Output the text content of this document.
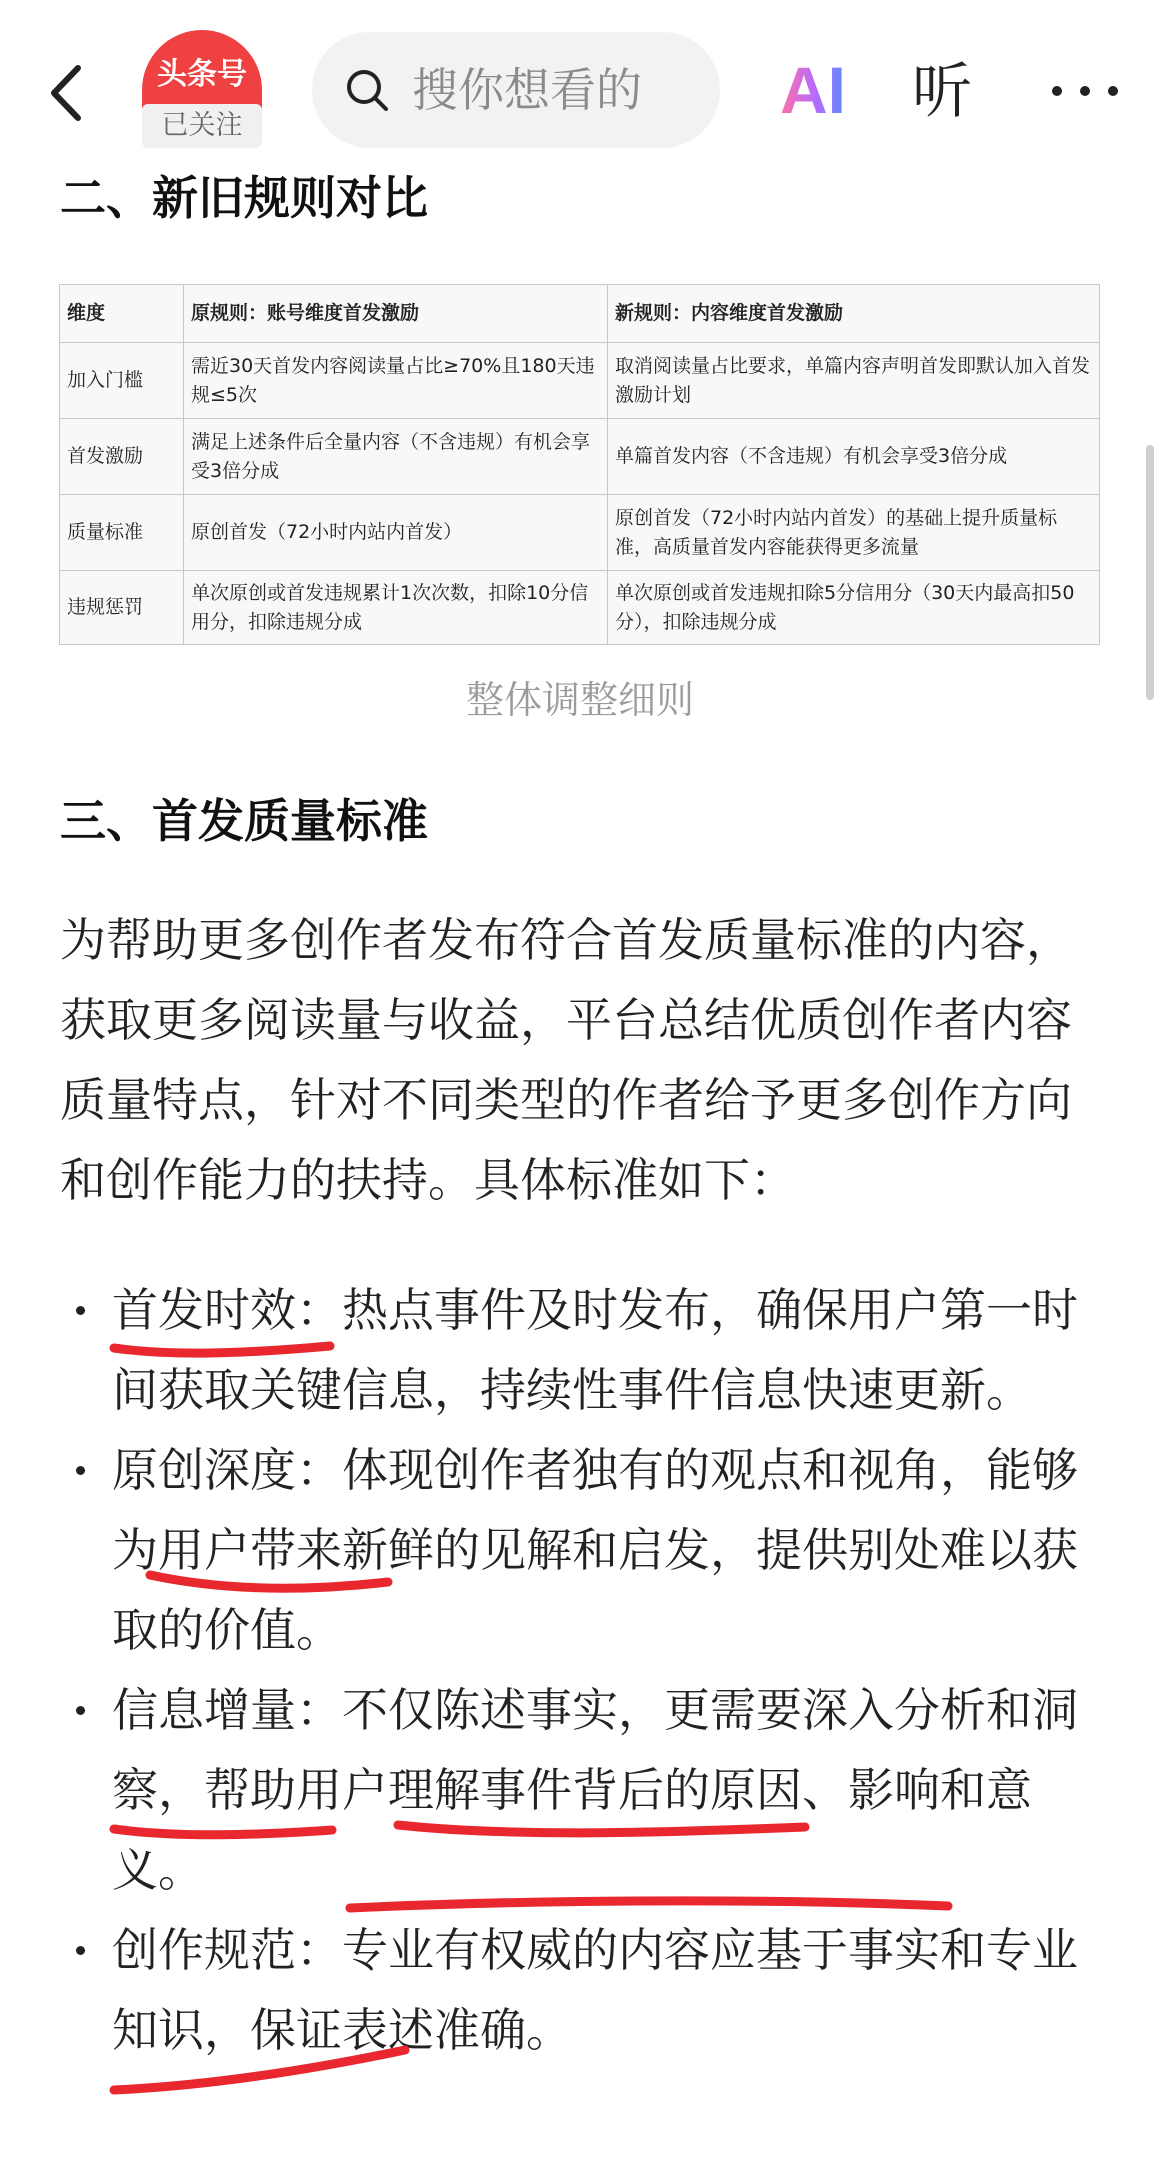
头条号
已关注
搜你想看的 AI 听
二、新旧规则对比
维度	原规则：账号维度首发激励	新规则：内容维度首发激励
加入门槛	需近30天首发内容阅读量占比≥70%且180天违规≤5次	取消阅读量占比要求，单篇内容声明首发即默认加入首发激励计划
首发激励	满足上述条件后全量内容（不含违规）有机会享受3倍分成	单篇首发内容（不含违规）有机会享受3倍分成
质量标准	原创首发（72小时内站内首发）	原创首发（72小时内站内首发）的基础上提升质量标准，高质量首发内容能获得更多流量
违规惩罚	单次原创或首发违规累计1次次数，扣除10分信用分，扣除违规分成	单次原创或首发违规扣除5分信用分（30天内最高扣50分），扣除违规分成
整体调整细则
三、首发质量标准

为帮助更多创作者发布符合首发质量标准的内容，获取更多阅读量与收益，平台总结优质创作者内容质量特点，针对不同类型的作者给予更多创作方向和创作能力的扶持。具体标准如下：

首发时效：热点事件及时发布，确保用户第一时间获取关键信息，持续性事件信息快速更新。
原创深度：体现创作者独有的观点和视角，能够为用户带来新鲜的见解和启发，提供别处难以获取的价值。
信息增量：不仅陈述事实，更需要深入分析和洞察，帮助用户理解事件背后的原因、影响和意义。
创作规范：专业有权威的内容应基于事实和专业知识，保证表述准确。
